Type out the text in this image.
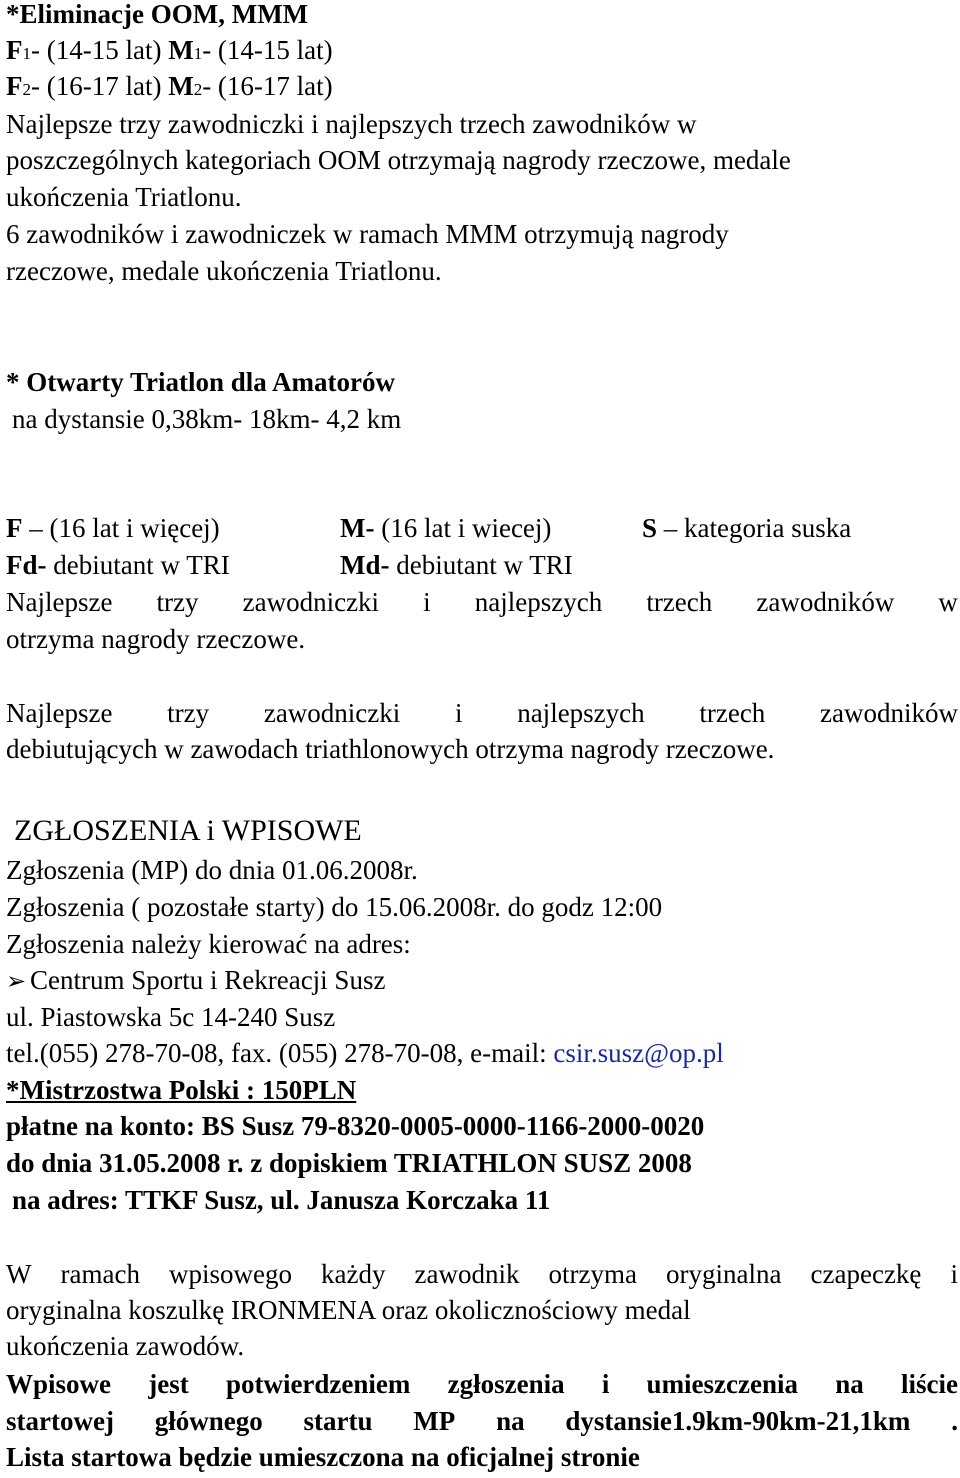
*Eliminacje OOM, MMM
F1- (14-15 lat) M1- (14-15 lat)
F2- (16-17 lat) M2- (16-17 lat)
Najlepsze trzy zawodniczki i najlepszych trzech zawodników w
poszczególnych kategoriach OOM otrzymają nagrody rzeczowe, medale
ukończenia Triatlonu.
6 zawodników i zawodniczek w ramach MMM otrzymują nagrody
rzeczowe, medale ukończenia Triatlonu.
* Otwarty Triatlon dla Amatorów
na dystansie 0,38km- 18km- 4,2 km
F – (16 lat i więcej)	M- (16 lat i wiecej)	S – kategoria suska
Fd- debiutant w TRI	Md- debiutant w TRI
Najlepsze trzy zawodniczki i najlepszych trzech zawodników w
otrzyma nagrody rzeczowe.
Najlepsze trzy zawodniczki i najlepszych trzech zawodników
debiutujących w zawodach triathlonowych otrzyma nagrody rzeczowe.
ZGŁOSZENIA i WPISOWE
Zgłoszenia (MP) do dnia 01.06.2008r.
Zgłoszenia ( pozostałe starty) do 15.06.2008r. do godz 12:00
Zgłoszenia należy kierować na adres:
➢ Centrum Sportu i Rekreacji Susz
ul. Piastowska 5c 14-240 Susz
tel.(055) 278-70-08, fax. (055) 278-70-08, e-mail: csir.susz@op.pl
*Mistrzostwa Polski : 150PLN
płatne na konto: BS Susz 79-8320-0005-0000-1166-2000-0020
do dnia 31.05.2008 r. z dopiskiem TRIATHLON SUSZ 2008
na adres: TTKF Susz, ul. Janusza Korczaka 11
W ramach wpisowego każdy zawodnik otrzyma oryginalna czapeczkę i
oryginalna koszulkę IRONMENA oraz okolicznościowy medal
ukończenia zawodów.
Wpisowe jest potwierdzeniem zgłoszenia i umieszczenia na liście
startowej głównego startu MP na dystansie1.9km-90km-21,1km .
Lista startowa będzie umieszczona na oficjalnej stronie
